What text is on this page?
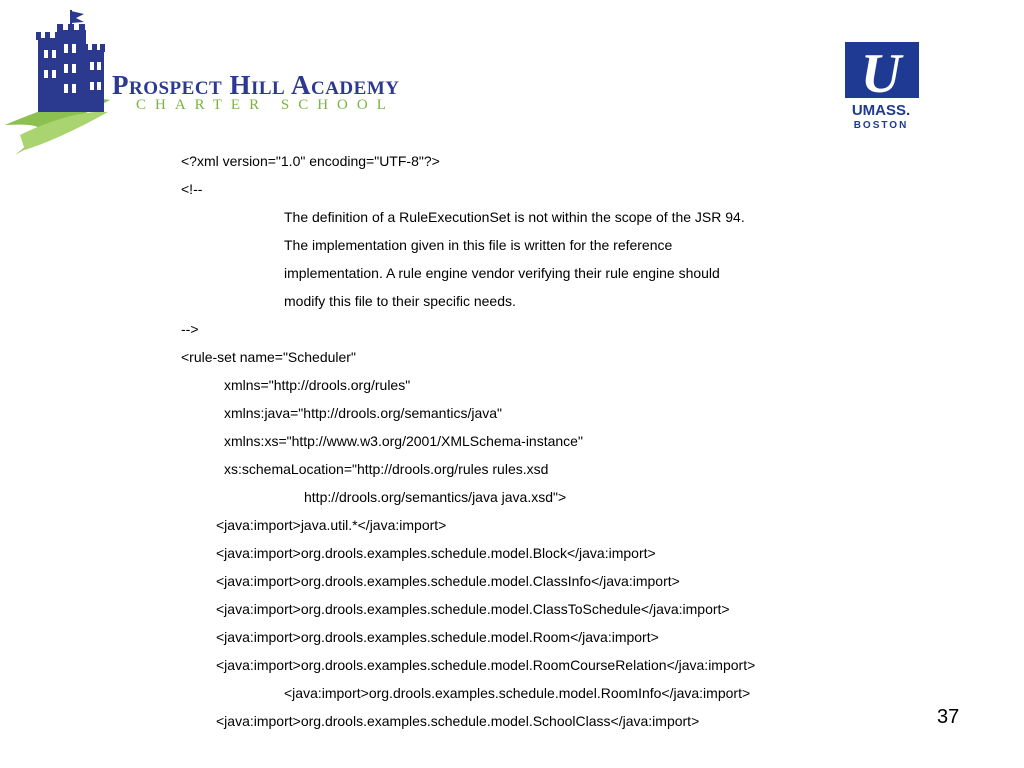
Prospect Hill Academy
CHARTER SCHOOL	U
UMASS.
BOSTON
<?xml version="1.0" encoding="UTF-8"?>
<!--
The definition of a RuleExecutionSet is not within the scope of the JSR 94.
The implementation given in this file is written for the reference
implementation. A rule engine vendor verifying their rule engine should
modify this file to their specific needs.
-->
<rule-set name="Scheduler"
xmlns="http://drools.org/rules"
xmlns:java="http://drools.org/semantics/java"
xmlns:xs="http://www.w3.org/2001/XMLSchema-instance"
xs:schemaLocation="http://drools.org/rules rules.xsd
http://drools.org/semantics/java java.xsd">
<java:import>java.util.*</java:import>
<java:import>org.drools.examples.schedule.model.Block</java:import>
<java:import>org.drools.examples.schedule.model.ClassInfo</java:import>
<java:import>org.drools.examples.schedule.model.ClassToSchedule</java:import>
<java:import>org.drools.examples.schedule.model.Room</java:import>
<java:import>org.drools.examples.schedule.model.RoomCourseRelation</java:import>
<java:import>org.drools.examples.schedule.model.RoomInfo</java:import>
<java:import>org.drools.examples.schedule.model.SchoolClass</java:import>	37
